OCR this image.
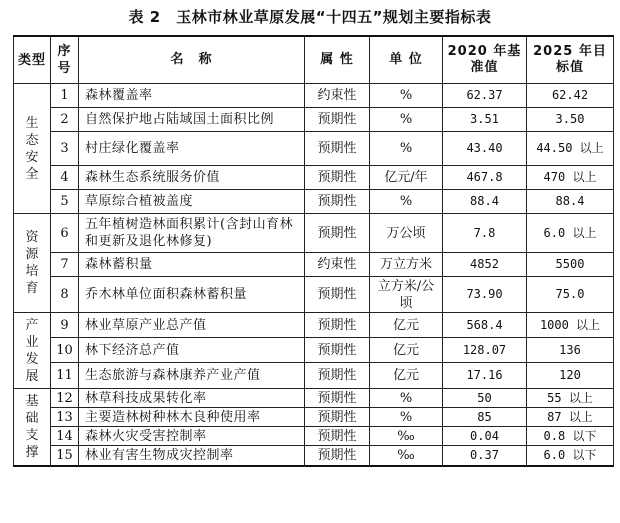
表 2　玉林市林业草原发展“十四五”规划主要指标表
类型	序号	名　称	属 性	单 位	2020 年基准值	2025 年目标值
生态安全	1	森林覆盖率	约束性	%	62.37	62.42
	2	自然保护地占陆域国土面积比例	预期性	%	3.51	3.50
	3	村庄绿化覆盖率	预期性	%	43.40	44.50 以上
	4	森林生态系统服务价值	预期性	亿元/年	467.8	470 以上
	5	草原综合植被盖度	预期性	%	88.4	88.4
资源培育	6	五年植树造林面积累计(含封山育林和更新及退化林修复)	预期性	万公顷	7.8	6.0 以上
	7	森林蓄积量	约束性	万立方米	4852	5500
	8	乔木林单位面积森林蓄积量	预期性	立方米/公顷	73.90	75.0
产业发展	9	林业草原产业总产值	预期性	亿元	568.4	1000 以上
	10	林下经济总产值	预期性	亿元	128.07	136
	11	生态旅游与森林康养产业产值	预期性	亿元	17.16	120
基础支撑	12	林草科技成果转化率	预期性	%	50	55 以上
	13	主要造林树种林木良种使用率	预期性	%	85	87 以上
	14	森林火灾受害控制率	预期性	‰	0.04	0.8 以下
	15	林业有害生物成灾控制率	预期性	‰	0.37	6.0 以下
